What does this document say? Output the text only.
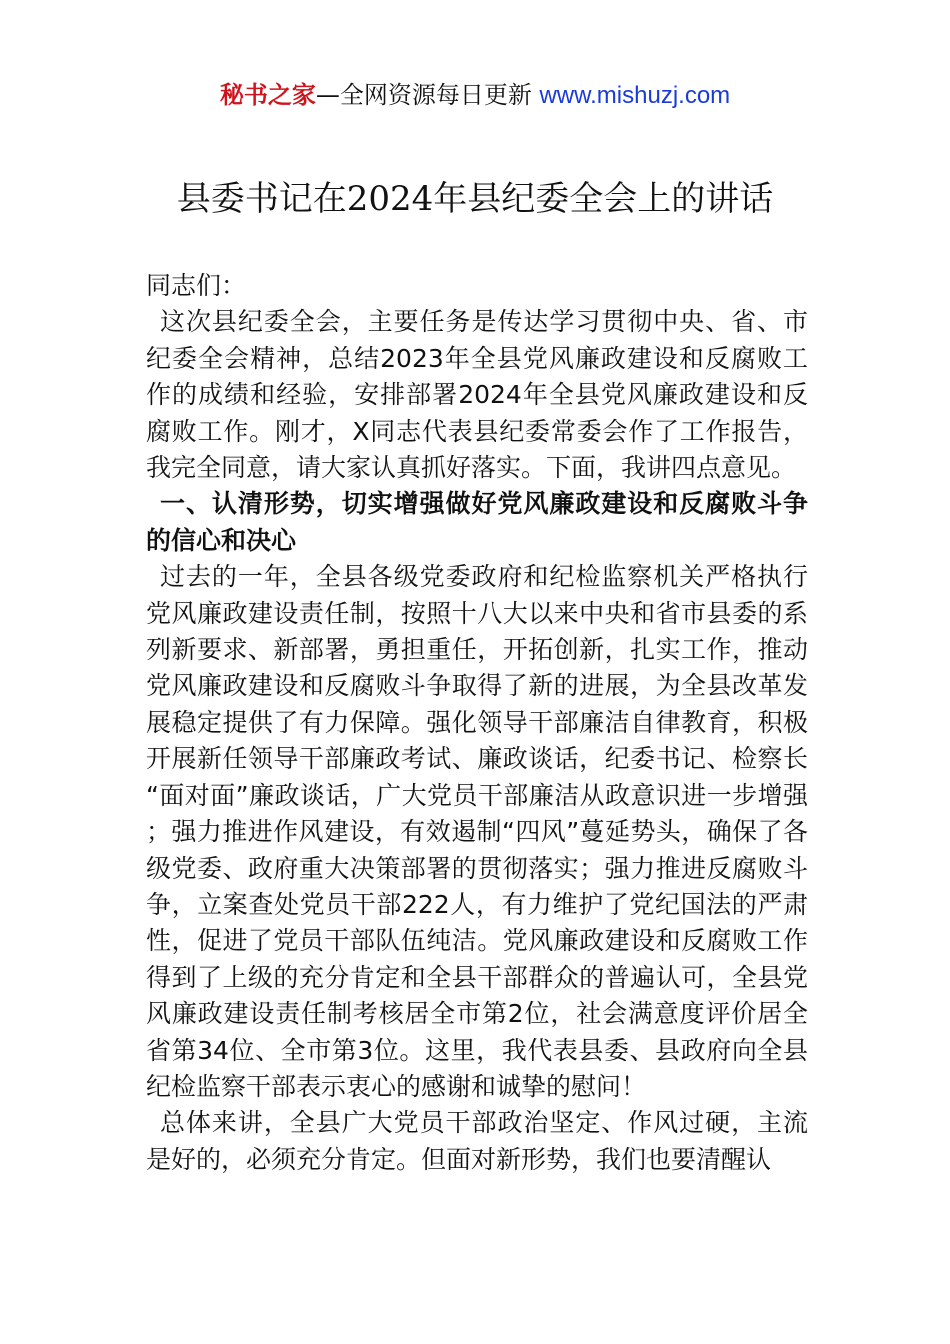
秘书之家—全网资源每日更新 www.mishuzj.com
县委书记在2024年县纪委全会上的讲话

同志们：

这次县纪委全会，主要任务是传达学习贯彻中央、省、市纪委全会精神，总结2023年全县党风廉政建设和反腐败工作的成绩和经验，安排部署2024年全县党风廉政建设和反腐败工作。刚才，X同志代表县纪委常委会作了工作报告，我完全同意，请大家认真抓好落实。下面，我讲四点意见。

一、认清形势，切实增强做好党风廉政建设和反腐败斗争的信心和决心

过去的一年，全县各级党委政府和纪检监察机关严格执行党风廉政建设责任制，按照十八大以来中央和省市县委的系列新要求、新部署，勇担重任，开拓创新，扎实工作，推动党风廉政建设和反腐败斗争取得了新的进展，为全县改革发展稳定提供了有力保障。强化领导干部廉洁自律教育，积极开展新任领导干部廉政考试、廉政谈话，纪委书记、检察长“面对面”廉政谈话，广大党员干部廉洁从政意识进一步增强；强力推进作风建设，有效遏制“四风”蔓延势头，确保了各级党委、政府重大决策部署的贯彻落实；强力推进反腐败斗争，立案查处党员干部222人，有力维护了党纪国法的严肃性，促进了党员干部队伍纯洁。党风廉政建设和反腐败工作得到了上级的充分肯定和全县干部群众的普遍认可，全县党风廉政建设责任制考核居全市第2位，社会满意度评价居全省第34位、全市第3位。这里，我代表县委、县政府向全县纪检监察干部表示衷心的感谢和诚挚的慰问！

总体来讲，全县广大党员干部政治坚定、作风过硬，主流是好的，必须充分肯定。但面对新形势，我们也要清醒认
